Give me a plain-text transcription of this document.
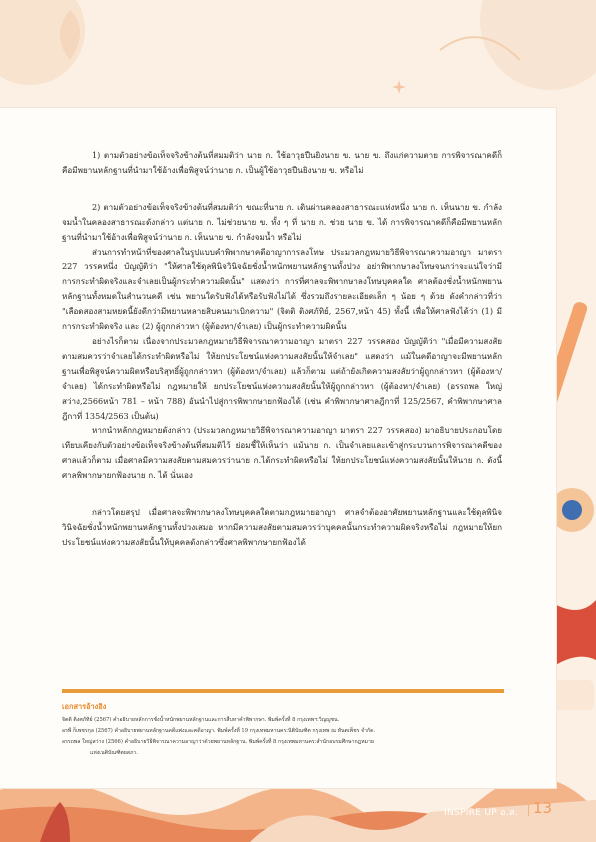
1) ตามตัวอย่างข้อเท็จจริงข้างต้นที่สมมติว่า นาย ก. ใช้อาวุธปืนยิงนาย ข. นาย ข. ถึงแก่ความตาย การพิจารณาคดีก็คือมีพยานหลักฐานที่นำมาใช้อ้างเพื่อพิสูจน์ว่านาย ก. เป็นผู้ใช้อาวุธปืนยิงนาย ข. หรือไม่

2) ตามตัวอย่างข้อเท็จจริงข้างต้นที่สมมติว่า ขณะที่นาย ก. เดินผ่านคลองสาธารณะแห่งหนึ่ง นาย ก. เห็นนาย ข. กำลังจมน้ำในคลองสาธารณะดังกล่าว แต่นาย ก. ไม่ช่วยนาย ข. ทั้ง ๆ ที่ นาย ก. ช่วย นาย ข. ได้ การพิจารณาคดีก็คือมีพยานหลักฐานที่นำมาใช้อ้างเพื่อพิสูจน์ว่านาย ก. เห็นนาย ข. กำลังจมน้ำ หรือไม่

ส่วนการทำหน้าที่ของศาลในรูปแบบคำพิพากษาคดีอาญาการลงโทษ ประมวลกฎหมายวิธีพิจารณาความอาญา มาตรา 227 วรรคหนึ่ง บัญญัติว่า "ให้ศาลใช้ดุลพินิจวินิจฉัยชั่งน้ำหนักพยานหลักฐานทั้งปวง อย่าพิพากษาลงโทษจนกว่าจะแน่ใจว่ามีการกระทำผิดจริงและจำเลยเป็นผู้กระทำความผิดนั้น" แสดงว่า การที่ศาลจะพิพากษาลงโทษบุคคลใด ศาลต้องชั่งน้ำหนักพยานหลักฐานทั้งหมดในสำนวนคดี เช่น พยานใดรับฟังได้หรือรับฟังไม่ได้ ซึ่งรวมถึงรายละเอียดเล็ก ๆ น้อย ๆ ด้วย ดังคำกล่าวที่ว่า "เลือดสองสามหยดนี้ยังดีกว่ามีพยานหลายสิบคนมาเบิกความ" (จิตติ ติงศภัทิย์, 2567,หน้า 45) ทั้งนี้ เพื่อให้ศาลฟังได้ว่า (1) มีการกระทำผิดจริง และ (2) ผู้ถูกกล่าวหา (ผู้ต้องหา/จำเลย) เป็นผู้กระทำความผิดนั้น

อย่างไรก็ตาม เนื่องจากประมวลกฎหมายวิธีพิจารณาความอาญา มาตรา 227 วรรคสอง บัญญัติว่า "เมื่อมีความสงสัยตามสมควรว่าจำเลยได้กระทำผิดหรือไม่ ให้ยกประโยชน์แห่งความสงสัยนั้นให้จำเลย" แสดงว่า แม้ในคดีอาญาจะมีพยานหลักฐานเพื่อพิสูจน์ความผิดหรือบริสุทธิ์ผู้ถูกกล่าวหา (ผู้ต้องหา/จำเลย) แล้วก็ตาม แต่ถ้ายังเกิดความสงสัยว่าผู้ถูกกล่าวหา (ผู้ต้องหา/จำเลย) ได้กระทำผิดหรือไม่ กฎหมายให้ ยกประโยชน์แห่งความสงสัยนั้นให้ผู้ถูกกล่าวหา (ผู้ต้องหา/จำเลย) (อรรถพล ใหญ่สว่าง,2566หน้า 781 – หน้า 788) อันนำไปสู่การพิพากษายกฟ้องได้ (เช่น คำพิพากษาศาลฎีกาที่ 125/2567, คำพิพากษาศาลฎีกาที่ 1354/2563 เป็นต้น)

หากนำหลักกฎหมายดังกล่าว (ประมวลกฎหมายวิธีพิจารณาความอาญา มาตรา 227 วรรคสอง) มาอธิบายประกอบโดยเทียบเคียงกับตัวอย่างข้อเท็จจริงข้างต้นที่สมมติไว้ ย่อมชี้ให้เห็นว่า แม้นาย ก. เป็นจำเลยและเข้าสู่กระบวนการพิจารณาคดีของศาลแล้วก็ตาม เมื่อศาลมีความสงสัยตามสมควรว่านาย ก.ได้กระทำผิดหรือไม่ ให้ยกประโยชน์แห่งความสงสัยนั้นให้นาย ก. ดังนี้ ศาลพิพากษายกฟ้องนาย ก. ได้ นั่นเอง

กล่าวโดยสรุป เมื่อศาลจะพิพากษาลงโทษบุคคลใดตามกฎหมายอาญา ศาลจำต้องอาศัยพยานหลักฐานและใช้ดุลพินิจวินิจฉัยชั่งน้ำหนักพยานหลักฐานทั้งปวงเสมอ หากมีความสงสัยตามสมควรว่าบุคคลนั้นกระทำความผิดจริงหรือไม่ กฎหมายให้ยกประโยชน์แห่งความสงสัยนั้นให้บุคคลดังกล่าวซึ่งศาลพิพากษายกฟ้องได้

เอกสารอ้างอิง
จิตติ ติงศภัทิย์ (2567) คำอธิบายหลักการชั่งน้ำหนักพยานหลักฐานและการสืบหาคำพิพากษา. พิมพ์ครั้งที่ 8 กรุงเทพฯ:วิญญูชน.
อรพี ก็เพชรกุล (2567) คำอธิบายพยานหลักฐานคดีแพ่งและคดีอาญา. พิมพ์ครั้งที่ 19 กรุงเทพมหานคร:นิติบัณฑิต กรุงเทพ ณ ทันตเพ็ชร จำกัด.
อรรถพล ใหญ่สว่าง (2566) คำอธิบายวิธีพิจารณาความอาญาว่าด้วยพยานหลักฐาน. พิมพ์ครั้งที่ 8 กรุงเทพมหานคร:สำนักอบรมศึกษากฎหมาย
แห่งเนติบัณฑิตยสภา.
INSPIRE UP อ.ส. 13
